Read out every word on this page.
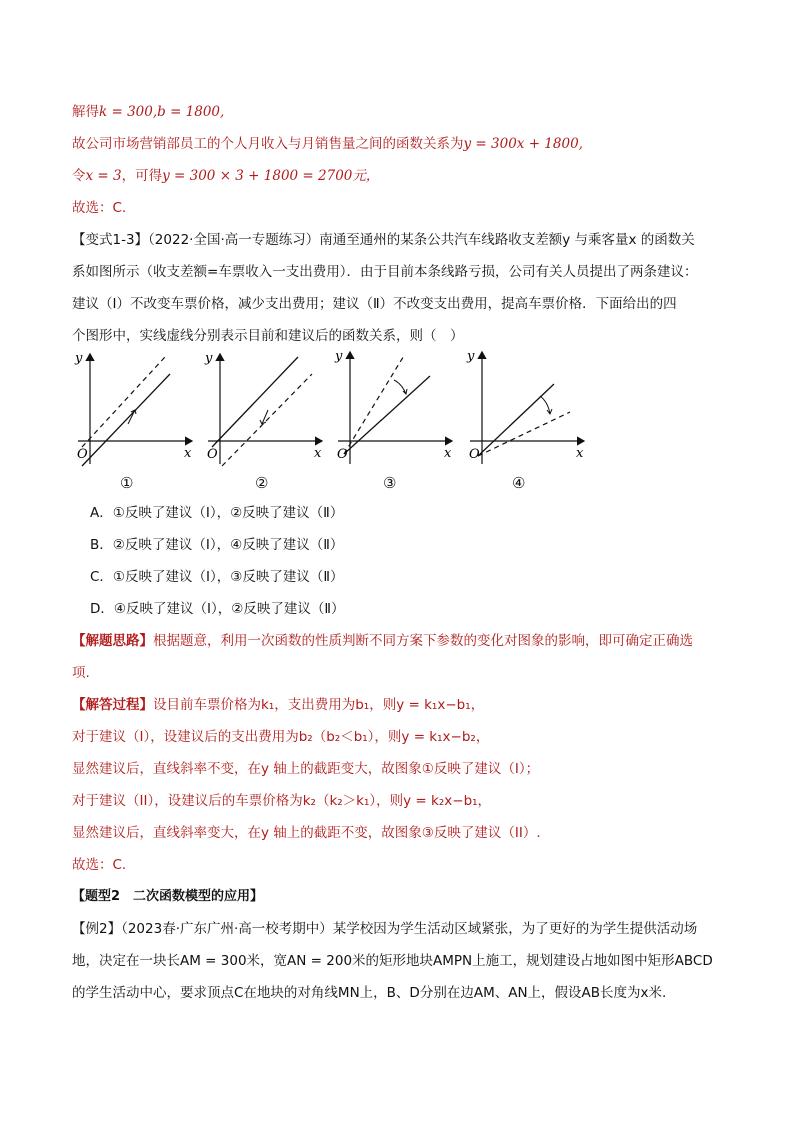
解得k = 300,b = 1800,
故公司市场营销部员工的个人月收入与月销售量之间的函数关系为y = 300x + 1800,
令x = 3，可得y = 300 × 3 + 1800 = 2700元，
故选：C.
【变式1-3】（2022·全国·高一专题练习）南通至通州的某条公共汽车线路收支差额y 与乘客量x 的函数关
系如图所示（收支差额=车票收入一支出费用）．由于目前本条线路亏损，公司有关人员提出了两条建议：
建议（Ⅰ）不改变车票价格，减少支出费用；建议（Ⅱ）不改变支出费用，提高车票价格．下面给出的四
个图形中，实线虚线分别表示目前和建议后的函数关系，则（　）
y
x
O
y
x
O
y
x
O
y
x
O
①	②	③	④
A．①反映了建议（Ⅰ），②反映了建议（Ⅱ）
B．②反映了建议（Ⅰ），④反映了建议（Ⅱ）
C．①反映了建议（Ⅰ），③反映了建议（Ⅱ）
D．④反映了建议（Ⅰ），②反映了建议（Ⅱ）
【解题思路】根据题意，利用一次函数的性质判断不同方案下参数的变化对图象的影响，即可确定正确选
项.
【解答过程】设目前车票价格为k₁，支出费用为b₁，则y = k₁x−b₁，
对于建议（I），设建议后的支出费用为b₂（b₂＜b₁），则y = k₁x−b₂，
显然建议后，直线斜率不变，在y 轴上的截距变大，故图象①反映了建议（I）；
对于建议（II），设建议后的车票价格为k₂（k₂＞k₁），则y = k₂x−b₁，
显然建议后，直线斜率变大，在y 轴上的截距不变，故图象③反映了建议（II）.
故选：C.
【题型2　二次函数模型的应用】
【例2】（2023春·广东广州·高一校考期中）某学校因为学生活动区域紧张，为了更好的为学生提供活动场
地，决定在一块长AM = 300米，宽AN = 200米的矩形地块AMPN上施工，规划建设占地如图中矩形ABCD
的学生活动中心，要求顶点C在地块的对角线MN上，B、D分别在边AM、AN上，假设AB长度为x米.
